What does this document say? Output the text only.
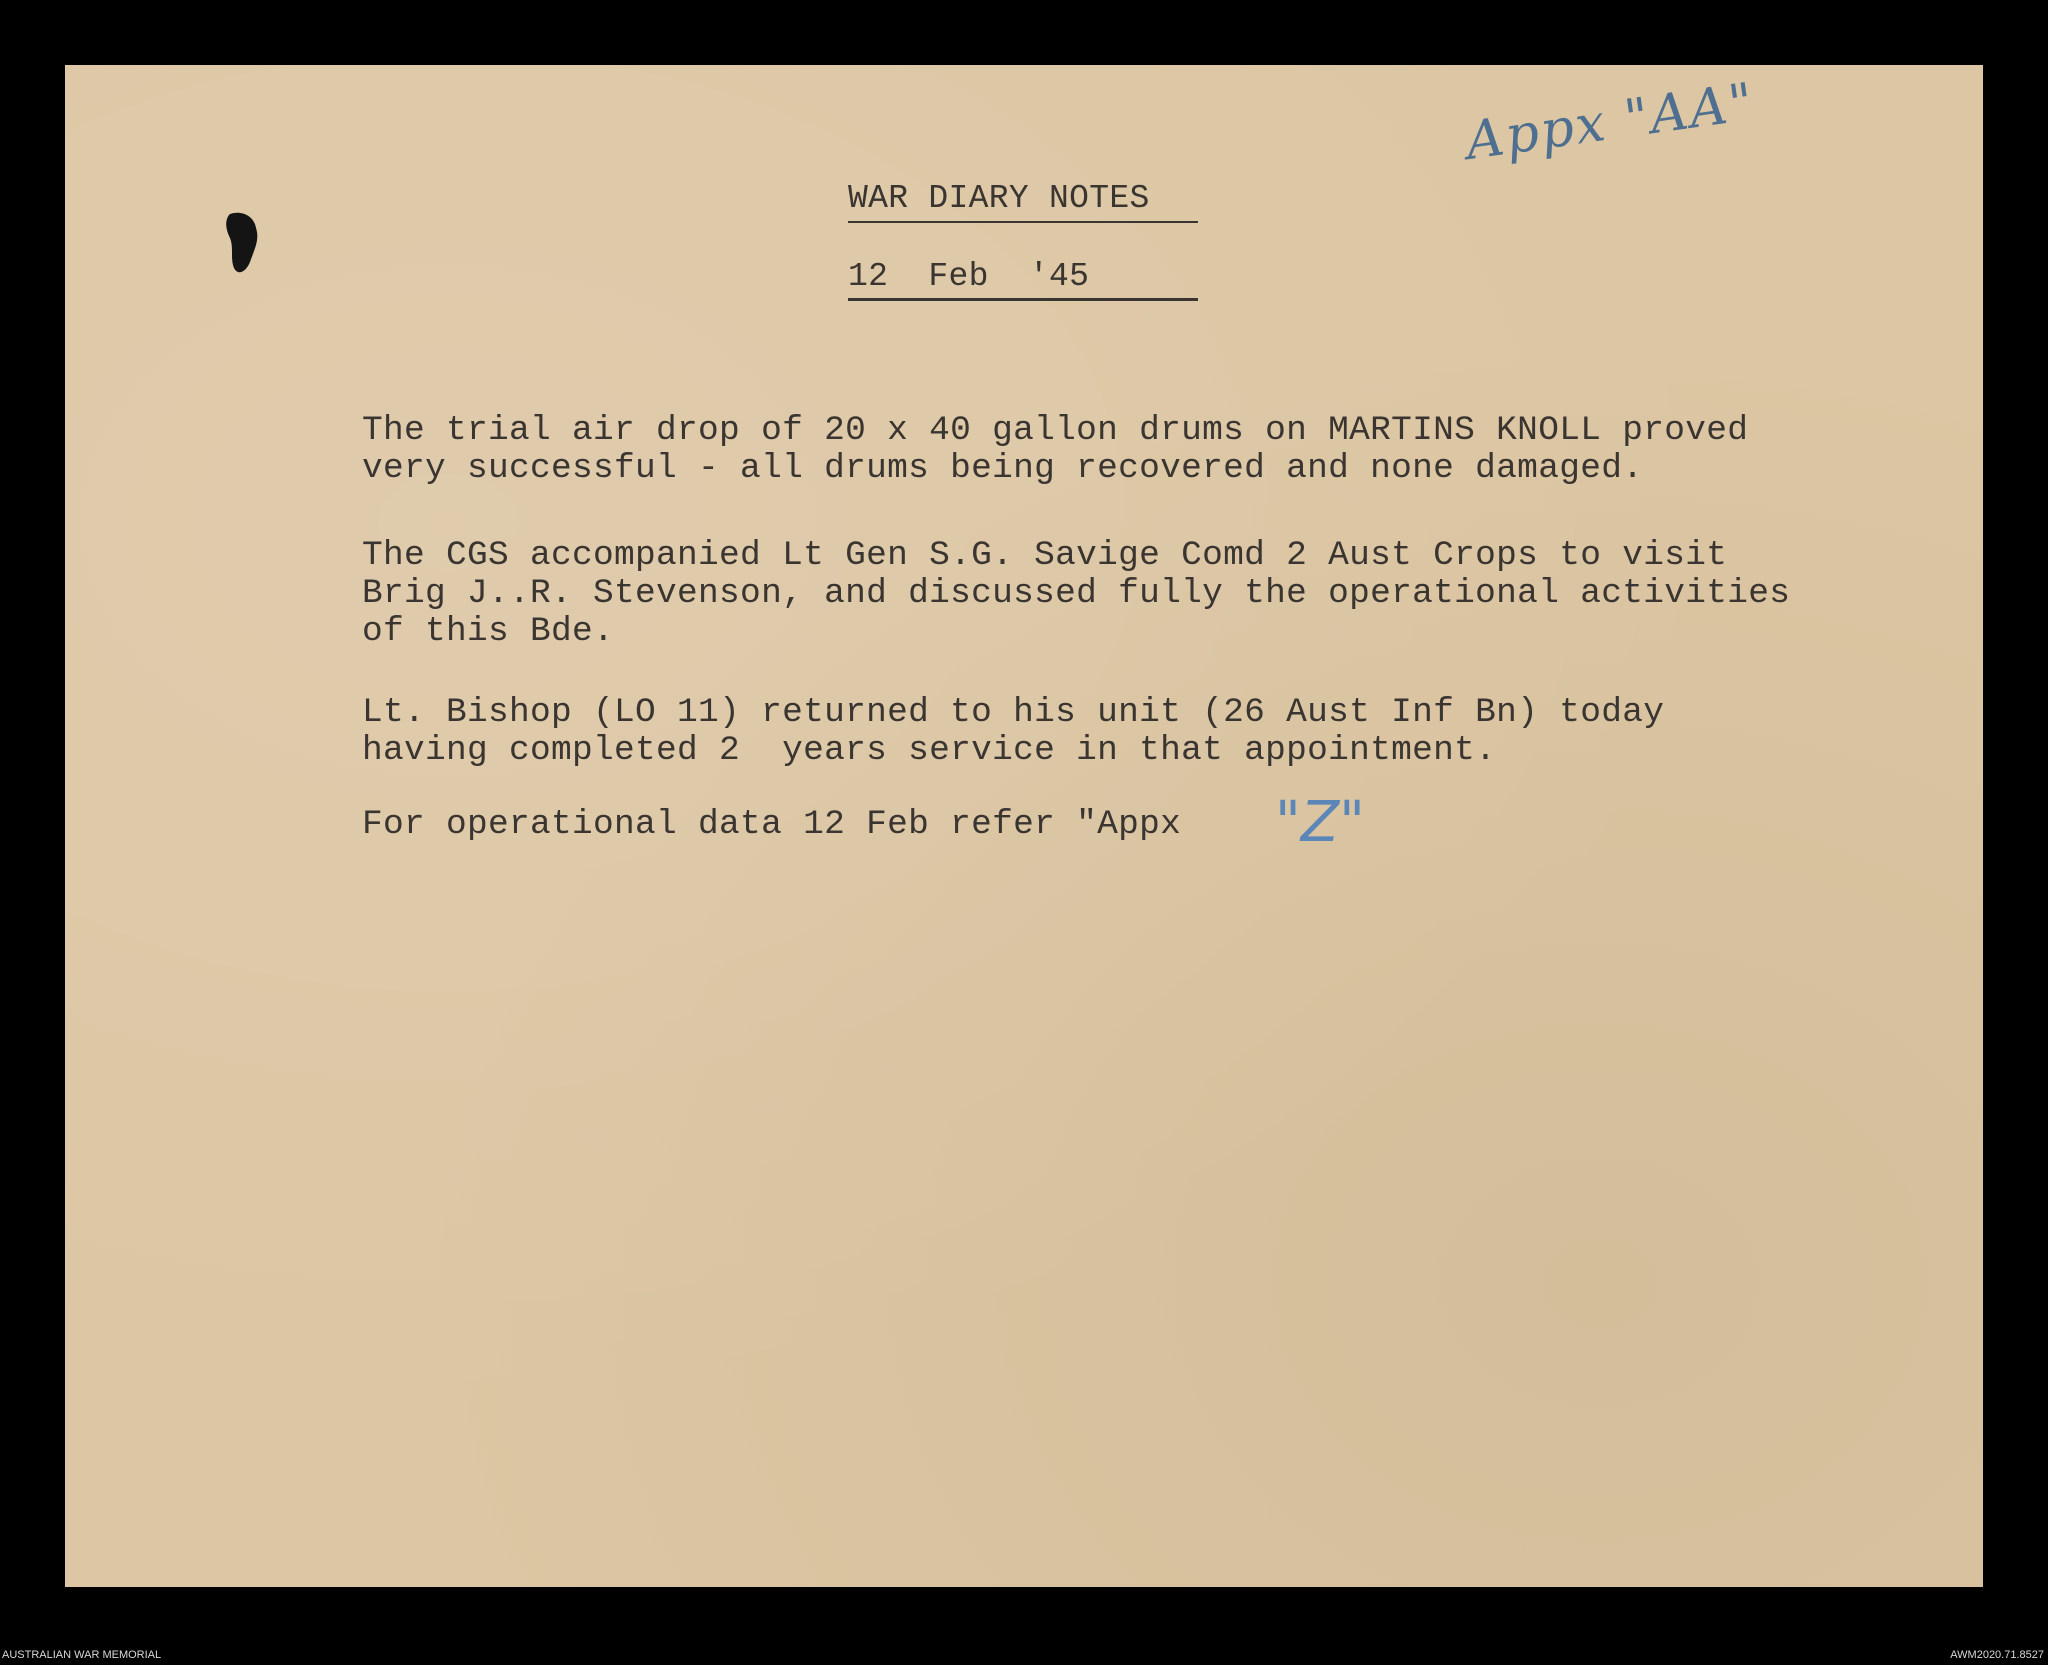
Appx "AA"
WAR DIARY NOTES
12  Feb  '45
The trial air drop of 20 x 40 gallon drums on MARTINS KNOLL proved
very successful - all drums being recovered and none damaged.
The CGS accompanied Lt Gen S.G. Savige Comd 2 Aust Crops to visit
Brig J..R. Stevenson, and discussed fully the operational activities
of this Bde.
Lt. Bishop (LO 11) returned to his unit (26 Aust Inf Bn) today
having completed 2  years service in that appointment.
For operational data 12 Feb refer "Appx "Z"
AUSTRALIAN WAR MEMORIAL	AWM2020.71.8527
